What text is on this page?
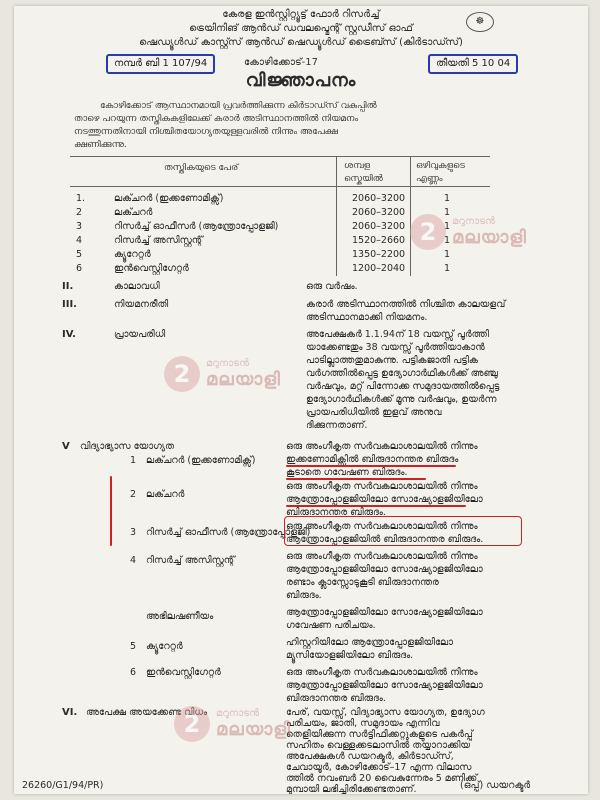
☸
കേരള ഇൻസ്റ്റിറ്റ്യൂട്ട് ഫോർ റിസർച്ച്
ട്രെയിനിങ് ആൻഡ് ഡവലപ്മെന്റ് സ്റ്റഡീസ് ഓഫ്
ഷെഡ്യൂൾഡ് കാസ്റ്റ്സ് ആൻഡ് ഷെഡ്യൂൾഡ് ട്രൈബ്സ് (കിർടാഡ്സ്)
നമ്പർ ബി 1 107/94	കോഴിക്കോട്-17	തീയതി 5 10 04
വിജ്ഞാപനം
കോഴിക്കോട് ആസ്ഥാനമായി പ്രവർത്തിക്കുന്ന കിർടാഡ്സ് വകുപ്പിൽ
താഴെ പറയുന്ന തസ്തികകളിലേക്ക് കരാർ അടിസ്ഥാനത്തിൽ നിയമനം
നടത്തുന്നതിനായി നിശ്ചിതയോഗ്യതയുള്ളവരിൽ നിന്നും അപേക്ഷ
ക്ഷണിക്കുന്നു.
തസ്തികയുടെ പേര്	ശമ്പള സ്കെയിൽ
ഒഴിവുകളുടെ എണ്ണം
1.	ലക്ചറർ (ഇക്കണോമിക്സ്)	2060–3200	1
2	ലക്ചറർ	2060–3200	1
3	റിസർച്ച് ഓഫീസർ (ആന്ത്രോപ്പോളജി)	2060–3200	1
4	റിസർച്ച് അസിസ്റ്റന്റ്	1520–2660	1
5	ക്യൂറേറ്റർ	1350–2200	1
6	ഇൻവെസ്റ്റിഗേറ്റർ	1200–2040	1
II.	കാലാവധി	ഒരു വർഷം.
III.	നിയമനരീതി	കരാർ അടിസ്ഥാനത്തിൽ നിശ്ചിത കാലയളവ്
അടിസ്ഥാനമാക്കി നിയമനം.
IV.	പ്രായപരിധി	അപേക്ഷകർ 1.1.94ന് 18 വയസ്സ് പൂർത്തി
യാക്കേണ്ടതും 38 വയസ്സ് പൂർത്തിയാകാൻ
പാടില്ലാത്തതുമാകുന്നു. പട്ടികജാതി പട്ടിക
വർഗത്തിൽപ്പെട്ട ഉദ്യോഗാർഥികൾക്ക് അഞ്ചു
വർഷവും, മറ്റ് പിന്നോക്ക സമുദായത്തിൽപ്പെട്ട
ഉദ്യോഗാർഥികൾക്ക് മൂന്നു വർഷവും, ഉയർന്ന
പ്രായപരിധിയിൽ ഇളവ് അനുവ
ദിക്കുന്നതാണ്.
V വിദ്യാഭ്യാസ യോഗ്യത
1 ലക്ചറർ (ഇക്കണോമിക്സ്)
ഒരു അംഗീകൃത സർവകലാശാലയിൽ നിന്നും
ഇക്കണോമിക്സിൽ ബിരുദാനന്തര ബിരുദം
കൂടാതെ ഗവേഷണ ബിരുദം.
2 ലക്ചറർ
ഒരു അംഗീകൃത സർവകലാശാലയിൽ നിന്നും
ആന്ത്രോപ്പോളജിയിലോ സോഷ്യോളജിയിലോ
ബിരുദാനന്തര ബിരുദം.
3 റിസർച്ച് ഓഫീസർ (ആന്ത്രോപ്പോളജി)
ഒരു അംഗീകൃത സർവകലാശാലയിൽ നിന്നും
ആന്ത്രോപ്പോളജിയിൽ ബിരുദാനന്തര ബിരുദം.
4 റിസർച്ച് അസിസ്റ്റന്റ്	ഒരു അംഗീകൃത സർവകലാശാലയിൽ നിന്നും
ആന്ത്രോപ്പോളജിയിലോ സോഷ്യോളജിയിലോ
രണ്ടാം ക്ലാസ്സോടുകൂടി ബിരുദാനന്തര
ബിരുദം.
അഭിലഷണീയം	ആന്ത്രോപ്പോളജിയിലോ സോഷ്യോളജിയിലോ
ഗവേഷണ പരിചയം.
5 ക്യൂറേറ്റർ	ഹിസ്റ്ററിയിലോ ആന്ത്രോപ്പോളജിയിലോ
മ്യൂസിയോളജിയിലോ ബിരുദം.
6 ഇൻവെസ്റ്റിഗേറ്റർ	ഒരു അംഗീകൃത സർവകലാശാലയിൽ നിന്നും
ആന്ത്രോപ്പോളജിയിലോ സോഷ്യോളജിയിലോ
ബിരുദാനന്തര ബിരുദം.
VI. അപേക്ഷ അയക്കേണ്ട വിധം	പേര്, വയസ്സ്, വിദ്യാഭ്യാസ യോഗ്യത, ഉദ്യോഗ
പരിചയം, ജാതി, സമുദായം എന്നിവ
തെളിയിക്കുന്ന സർട്ടിഫിക്കറ്റുകളുടെ പകർപ്പ്
സഹിതം വെള്ളക്കടലാസിൽ തയ്യാറാക്കിയ
അപേക്ഷകൾ ഡയറക്ടർ, കിർടാഡ്സ്,
ചേവായൂർ, കോഴിക്കോട്–17 എന്ന വിലാസ
ത്തിൽ നവംബർ 20 വൈകുന്നേരം 5 മണിക്ക്
മുമ്പായി ലഭിച്ചിരിക്കേണ്ടതാണ്.
2	മറുനാടൻ
മലയാളി
2	മറുനാടൻ
മലയാളി
2	മറുനാടൻ
മലയാളി
26260/G1/94/PR)	(ഒപ്പ്) ഡയറക്ടർ
